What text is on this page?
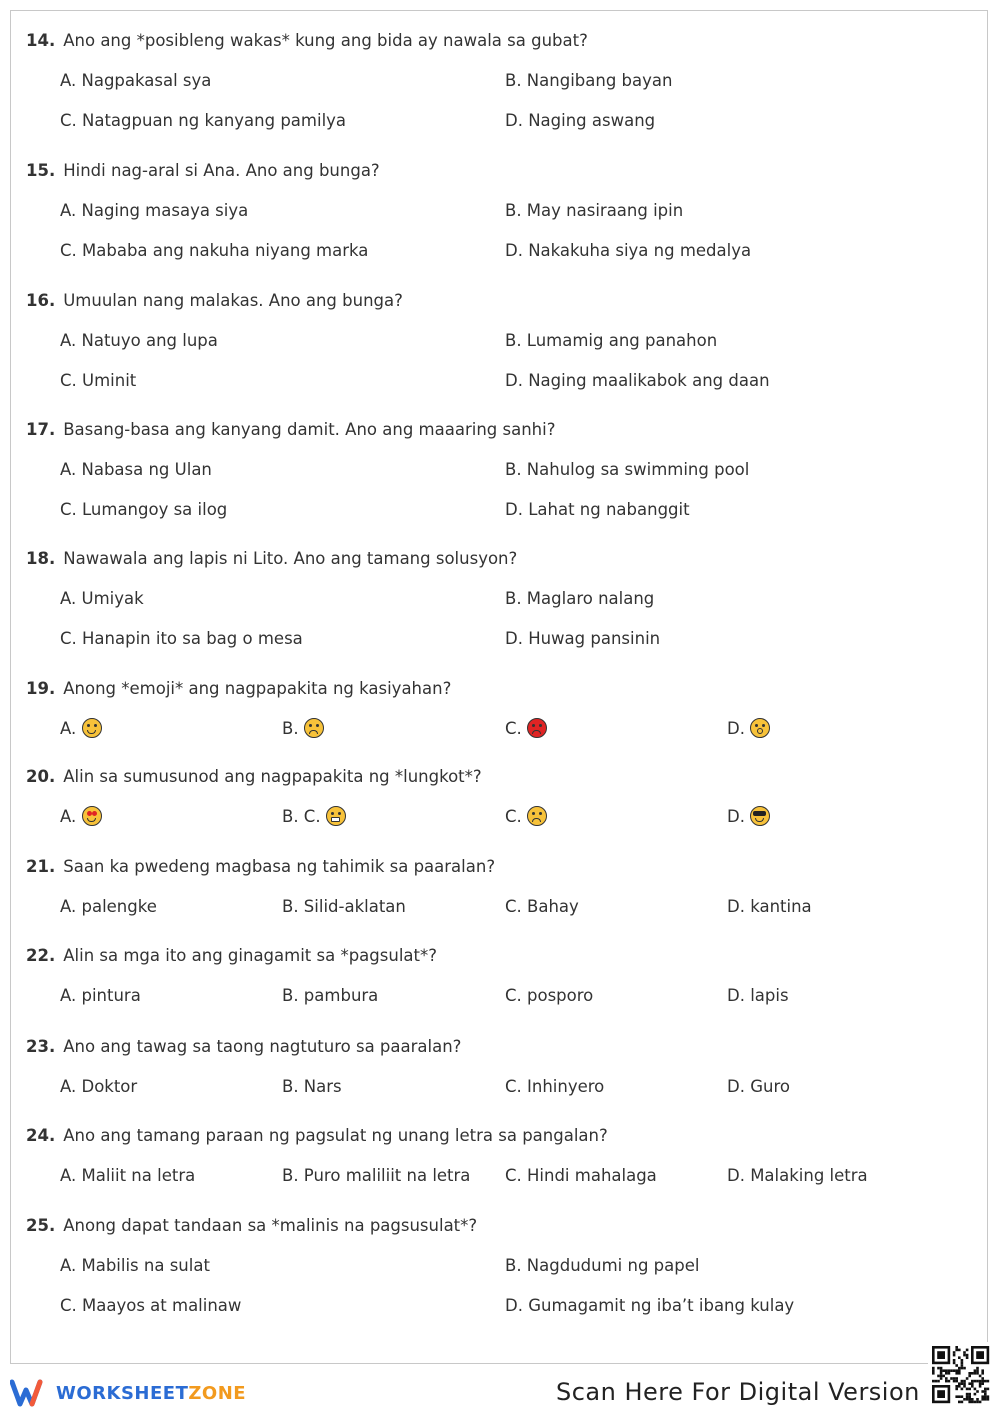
14. Ano ang *posibleng wakas* kung ang bida ay nawala sa gubat?
A. Nagpakasal sya	B. Nangibang bayan
C. Natagpuan ng kanyang pamilya	D. Naging aswang
15. Hindi nag-aral si Ana. Ano ang bunga?
A. Naging masaya siya	B. May nasiraang ipin
C. Mababa ang nakuha niyang marka	D. Nakakuha siya ng medalya
16. Umuulan nang malakas. Ano ang bunga?
A. Natuyo ang lupa	B. Lumamig ang panahon
C. Uminit	D. Naging maalikabok ang daan
17. Basang-basa ang kanyang damit. Ano ang maaaring sanhi?
A. Nabasa ng Ulan	B. Nahulog sa swimming pool
C. Lumangoy sa ilog	D. Lahat ng nabanggit
18. Nawawala ang lapis ni Lito. Ano ang tamang solusyon?
A. Umiyak	B. Maglaro nalang
C. Hanapin ito sa bag o mesa	D. Huwag pansinin
19. Anong *emoji* ang nagpapakita ng kasiyahan?
A.	B.	C.	D.
20. Alin sa sumusunod ang nagpapakita ng *lungkot*?
A.	B. C.	C.	D.
21. Saan ka pwedeng magbasa ng tahimik sa paaralan?
A. palengke	B. Silid-aklatan	C. Bahay	D. kantina
22. Alin sa mga ito ang ginagamit sa *pagsulat*?
A. pintura	B. pambura	C. posporo	D. lapis
23. Ano ang tawag sa taong nagtuturo sa paaralan?
A. Doktor	B. Nars	C. Inhinyero	D. Guro
24. Ano ang tamang paraan ng pagsulat ng unang letra sa pangalan?
A. Maliit na letra	B. Puro maliliit na letra C. Hindi mahalaga	D. Malaking letra
25. Anong dapat tandaan sa *malinis na pagsusulat*?
A. Mabilis na sulat	B. Nagdudumi ng papel
C. Maayos at malinaw	D. Gumagamit ng iba’t ibang kulay
WORKSHEETZONE	Scan Here For Digital Version
